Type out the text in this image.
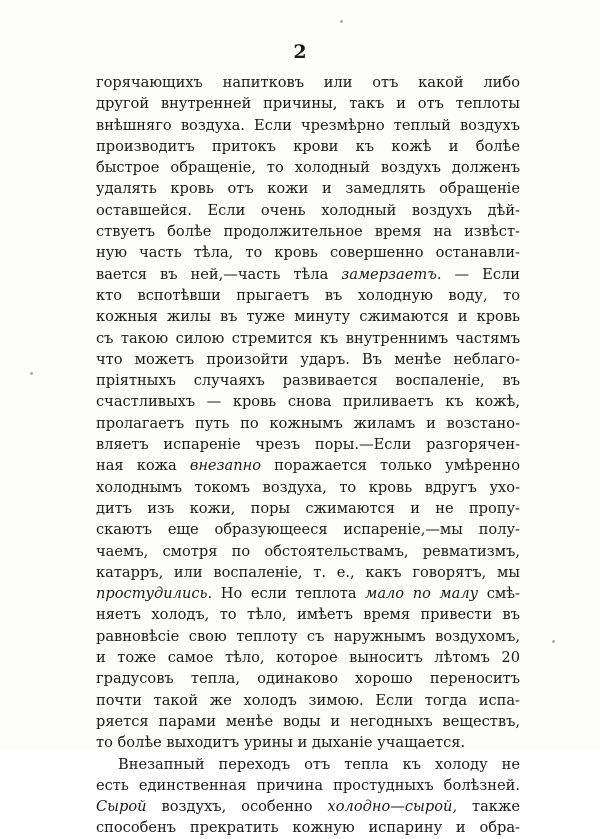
2
горячающихъ напитковъ или отъ какой либо
другой внутренней причины, такъ и отъ теплоты
внѣшняго воздуха. Если чрезмѣрно теплый воздухъ
производитъ притокъ крови къ кожѣ и болѣе
быстрое обращеніе, то холодный воздухъ долженъ
удалять кровь отъ кожи и замедлять обращеніе
оставшейся. Если очень холодный воздухъ дѣй-
ствуетъ болѣе продолжительное время на извѣст-
ную часть тѣла, то кровь совершенно останавли-
вается въ ней,—часть тѣла замерзаетъ. — Если
кто вспотѣвши прыгаетъ въ холодную воду, то
кожныя жилы въ туже минуту сжимаются и кровь
съ такою силою стремится къ внутреннимъ частямъ
что можетъ произойти ударъ. Въ менѣе неблаго-
пріятныхъ случаяхъ развивается воспаленіе, въ
счастливыхъ — кровь снова приливаетъ къ кожѣ,
пролагаетъ путь по кожнымъ жиламъ и возстано-
вляетъ испареніе чрезъ поры.—Если разгорячен-
ная кожа внезапно поражается только умѣренно
холоднымъ токомъ воздуха, то кровь вдругъ ухо-
дитъ изъ кожи, поры сжимаются и не пропу-
скаютъ еще образующееся испареніе,—мы полу-
чаемъ, смотря по обстоятельствамъ, ревматизмъ,
катарръ, или воспаленіе, т. е., какъ говорятъ, мы
простудились. Но если теплота мало по малу смѣ-
няетъ холодъ, то тѣло, имѣетъ время привести въ
равновѣсіе свою теплоту съ наружнымъ воздухомъ,
и тоже самое тѣло, которое выноситъ лѣтомъ 20
градусовъ тепла, одинаково хорошо переноситъ
почти такой же холодъ зимою. Если тогда испа-
ряется парами менѣе воды и негодныхъ веществъ,
то болѣе выходитъ урины и дыханіе учащается.
Внезапный переходъ отъ тепла къ холоду не
есть единственная причина простудныхъ болѣзней.
Сырой воздухъ, особенно холодно—сырой, также
способенъ прекратить кожную испарину и обра-
